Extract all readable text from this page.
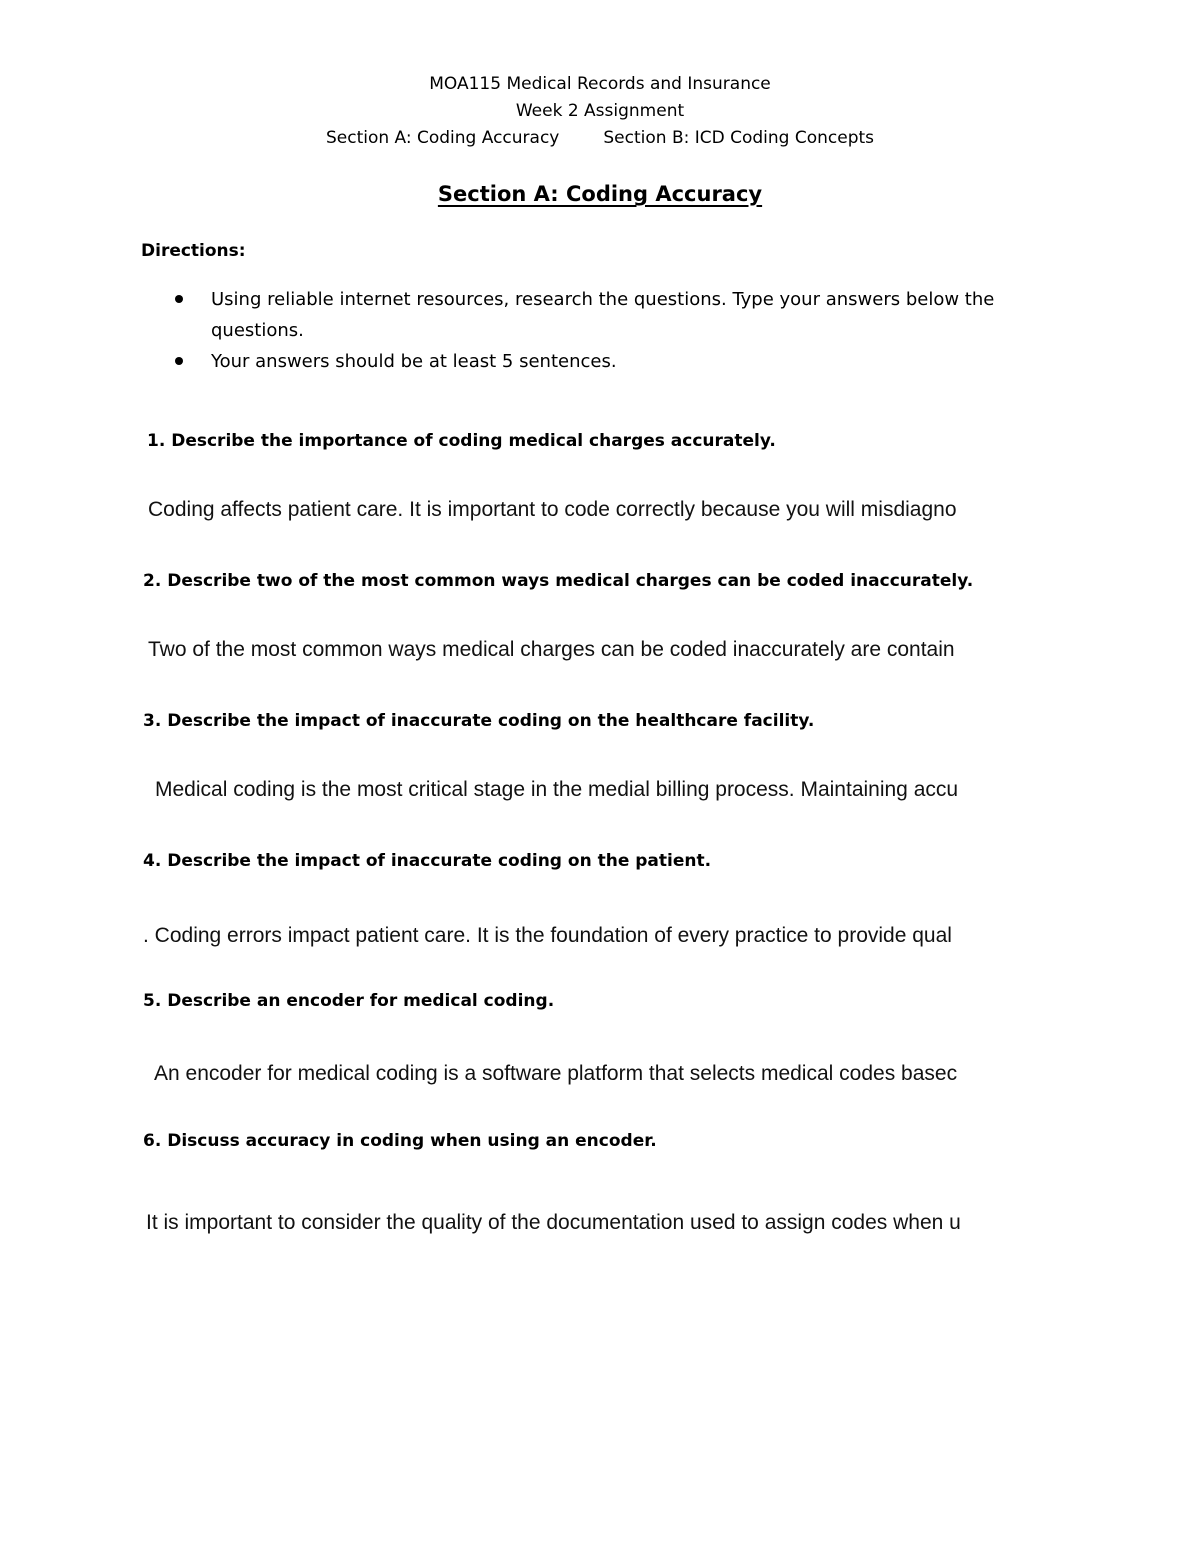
MOA115 Medical Records and Insurance
Week 2 Assignment
Section A: Coding Accuracy	Section B: ICD Coding Concepts
Section A: Coding Accuracy
Directions:
Using reliable internet resources, research the questions. Type your answers below the
questions.
Your answers should be at least 5 sentences.
1. Describe the importance of coding medical charges accurately.
Coding affects patient care. It is important to code correctly because you will misdiagno
2. Describe two of the most common ways medical charges can be coded inaccurately.
Two of the most common ways medical charges can be coded inaccurately are contain
3. Describe the impact of inaccurate coding on the healthcare facility.
Medical coding is the most critical stage in the medial billing process. Maintaining accu
4. Describe the impact of inaccurate coding on the patient.
. Coding errors impact patient care. It is the foundation of every practice to provide qual
5. Describe an encoder for medical coding.
An encoder for medical coding is a software platform that selects medical codes basec
6. Discuss accuracy in coding when using an encoder.
It is important to consider the quality of the documentation used to assign codes when u
